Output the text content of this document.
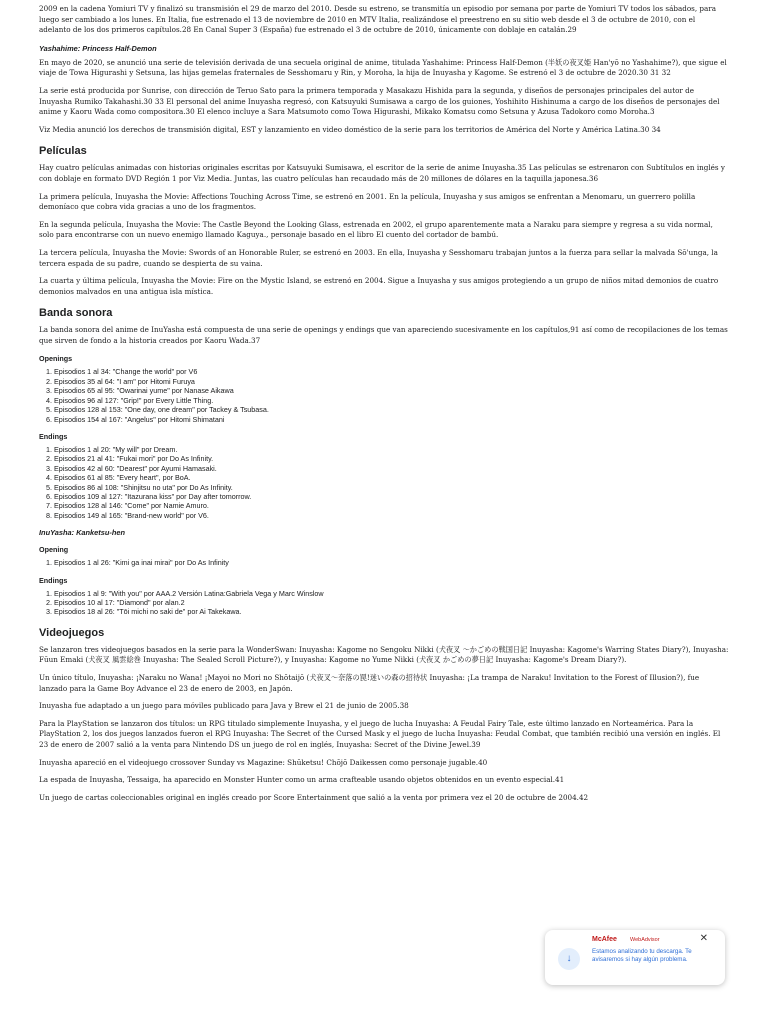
2009 en la cadena Yomiuri TV y finalizó su transmisión el 29 de marzo del 2010. Desde su estreno, se transmitía un episodio por semana por parte de Yomiuri TV todos los sábados, para luego ser cambiado a los lunes. En Italia, fue estrenado el 13 de noviembre de 2010 en MTV Italia, realizándose el preestreno en su sitio web desde el 3 de octubre de 2010, con el adelanto de los dos primeros capítulos.28 En Canal Super 3 (España) fue estrenado el 3 de octubre de 2010, únicamente con doblaje en catalán.29

Yashahime: Princess Half-Demon

En mayo de 2020, se anunció una serie de televisión derivada de una secuela original de anime, titulada Yashahime: Princess Half-Demon (半妖の夜叉姫 Han'yō no Yashahime?), que sigue el viaje de Towa Higurashi y Setsuna, las hijas gemelas fraternales de Sesshomaru y Rin, y Moroha, la hija de Inuyasha y Kagome. Se estrenó el 3 de octubre de 2020.30 31 32

La serie está producida por Sunrise, con dirección de Teruo Sato para la primera temporada y Masakazu Hishida para la segunda, y diseños de personajes principales del autor de Inuyasha Rumiko Takahashi.30 33 El personal del anime Inuyasha regresó, con Katsuyuki Sumisawa a cargo de los guiones, Yoshihito Hishinuma a cargo de los diseños de personajes del anime y Kaoru Wada como compositora.30 El elenco incluye a Sara Matsumoto como Towa Higurashi, Mikako Komatsu como Setsuna y Azusa Tadokoro como Moroha.3

Viz Media anunció los derechos de transmisión digital, EST y lanzamiento en video doméstico de la serie para los territorios de América del Norte y América Latina.30 34

Películas

Hay cuatro películas animadas con historias originales escritas por Katsuyuki Sumisawa, el escritor de la serie de anime Inuyasha.35 Las películas se estrenaron con Subtítulos en inglés y con doblaje en formato DVD Región 1 por Viz Media. Juntas, las cuatro películas han recaudado más de 20 millones de dólares en la taquilla japonesa.36

La primera película, Inuyasha the Movie: Affections Touching Across Time, se estrenó en 2001. En la película, Inuyasha y sus amigos se enfrentan a Menomaru, un guerrero polilla demoníaco que cobra vida gracias a uno de los fragmentos.

En la segunda película, Inuyasha the Movie: The Castle Beyond the Looking Glass, estrenada en 2002, el grupo aparentemente mata a Naraku para siempre y regresa a su vida normal, solo para encontrarse con un nuevo enemigo llamado Kaguya., personaje basado en el libro El cuento del cortador de bambú.

La tercera película, Inuyasha the Movie: Swords of an Honorable Ruler, se estrenó en 2003. En ella, Inuyasha y Sesshomaru trabajan juntos a la fuerza para sellar la malvada Sō'unga, la tercera espada de su padre, cuando se despierta de su vaina.

La cuarta y última película, Inuyasha the Movie: Fire on the Mystic Island, se estrenó en 2004. Sigue a Inuyasha y sus amigos protegiendo a un grupo de niños mitad demonios de cuatro demonios malvados en una antigua isla mística.

Banda sonora

La banda sonora del anime de InuYasha está compuesta de una serie de openings y endings que van apareciendo sucesivamente en los capítulos,91 así como de recopilaciones de los temas que sirven de fondo a la historia creados por Kaoru Wada.37

Openings
1. Episodios 1 al 34: "Change the world" por V6
2. Episodios 35 al 64: "I am" por Hitomi Furuya
3. Episodios 65 al 95: "Owarinai yume" por Nanase Aikawa
4. Episodios 96 al 127: "Grip!" por Every Little Thing.
5. Episodios 128 al 153: "One day, one dream" por Tackey & Tsubasa.
6. Episodios 154 al 167: "Angelus" por Hitomi Shimatani
Endings
1. Episodios 1 al 20: "My will" por Dream.
2. Episodios 21 al 41: "Fukai mori" por Do As Infinity.
3. Episodios 42 al 60: "Dearest" por Ayumi Hamasaki.
4. Episodios 61 al 85: "Every heart", por BoA.
5. Episodios 86 al 108: "Shinjitsu no uta" por Do As Infinity.
6. Episodios 109 al 127: "Itazurana kiss" por Day after tomorrow.
7. Episodios 128 al 146: "Come" por Namie Amuro.
8. Episodios 149 al 165: "Brand-new world" por V6.
InuYasha: Kanketsu-hen
Opening
1. Episodios 1 al 26: "Kimi ga inai mirai" por Do As Infinity
Endings
1. Episodios 1 al 9: "With you" por AAA.2 Versión Latina:Gabriela Vega y Marc Winslow
2. Episodios 10 al 17: "Diamond" por alan.2
3. Episodios 18 al 26: "Tōi michi no saki de" por Ai Takekawa.
Videojuegos

Se lanzaron tres videojuegos basados en la serie para la WonderSwan: Inuyasha: Kagome no Sengoku Nikki (犬夜叉 〜かごめの戦国日記 Inuyasha: Kagome's Warring States Diary?), Inuyasha: Fūun Emaki (犬夜叉 風雲絵巻 Inuyasha: The Sealed Scroll Picture?), y Inuyasha: Kagome no Yume Nikki (犬夜叉 かごめの夢日記 Inuyasha: Kagome's Dream Diary?).

Un único título, Inuyasha: ¡Naraku no Wana! ¡Mayoi no Mori no Shōtaijō (犬夜叉〜奈落の罠!迷いの森の招待状 Inuyasha: ¡La trampa de Naraku! Invitation to the Forest of Illusion?), fue lanzado para la Game Boy Advance el 23 de enero de 2003, en Japón.

Inuyasha fue adaptado a un juego para móviles publicado para Java y Brew el 21 de junio de 2005.38

Para la PlayStation se lanzaron dos títulos: un RPG titulado simplemente Inuyasha, y el juego de lucha Inuyasha: A Feudal Fairy Tale, este último lanzado en Norteamérica. Para la PlayStation 2, los dos juegos lanzados fueron el RPG Inuyasha: The Secret of the Cursed Mask y el juego de lucha Inuyasha: Feudal Combat, que también recibió una versión en inglés. El 23 de enero de 2007 salió a la venta para Nintendo DS un juego de rol en inglés, Inuyasha: Secret of the Divine Jewel.39

Inuyasha apareció en el videojuego crossover Sunday vs Magazine: Shūketsu! Chōjō Daikessen como personaje jugable.40

La espada de Inuyasha, Tessaiga, ha aparecido en Monster Hunter como un arma crafteable usando objetos obtenidos en un evento especial.41

Un juego de cartas coleccionables original en inglés creado por Score Entertainment que salió a la venta por primera vez el 20 de octubre de 2004.42

McAfee WebAdvisor	✕
↓
Estamos analizando tu descarga. Te avisaremos si hay algún problema.
